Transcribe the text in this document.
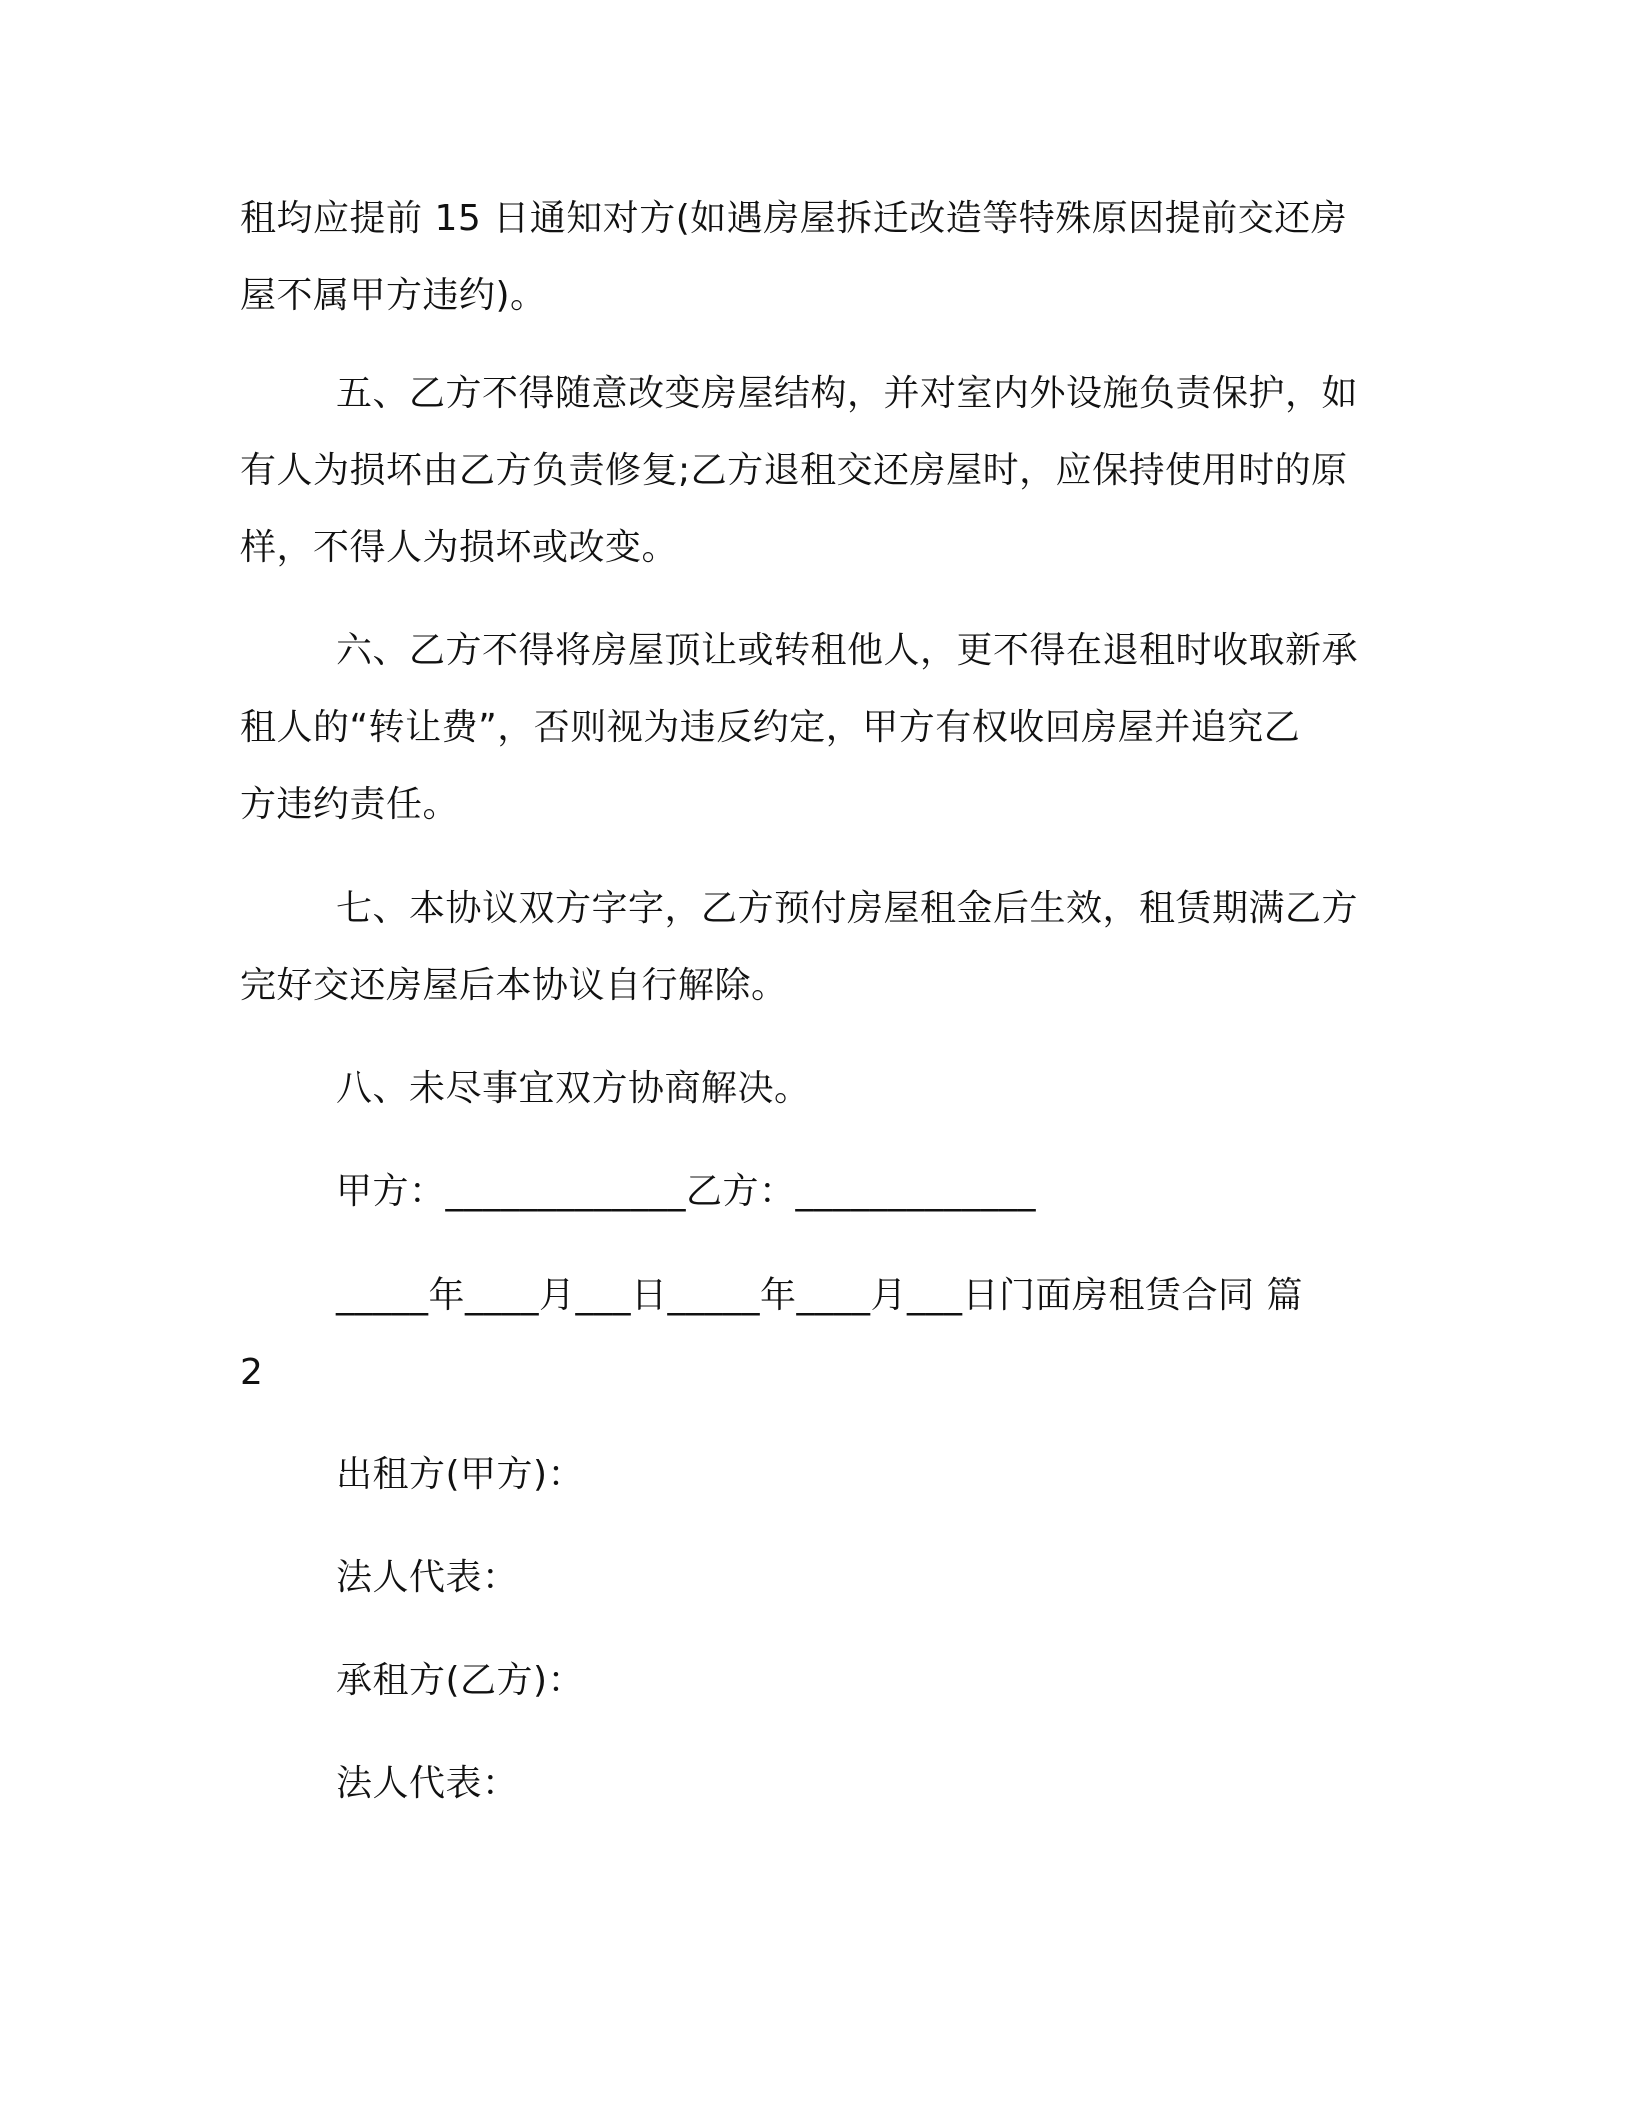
租均应提前 15 日通知对方(如遇房屋拆迁改造等特殊原因提前交还房
屋不属甲方违约)。
五、乙方不得随意改变房屋结构，并对室内外设施负责保护，如
有人为损坏由乙方负责修复;乙方退租交还房屋时，应保持使用时的原
样，不得人为损坏或改变。
六、乙方不得将房屋顶让或转租他人，更不得在退租时收取新承
租人的“转让费”，否则视为违反约定，甲方有权收回房屋并追究乙
方违约责任。
七、本协议双方字字，乙方预付房屋租金后生效，租赁期满乙方
完好交还房屋后本协议自行解除。
八、未尽事宜双方协商解决。
甲方：_____________乙方：_____________
_____年____月___日_____年____月___日门面房租赁合同 篇
2
出租方(甲方)：
法人代表：
承租方(乙方)：
法人代表：
